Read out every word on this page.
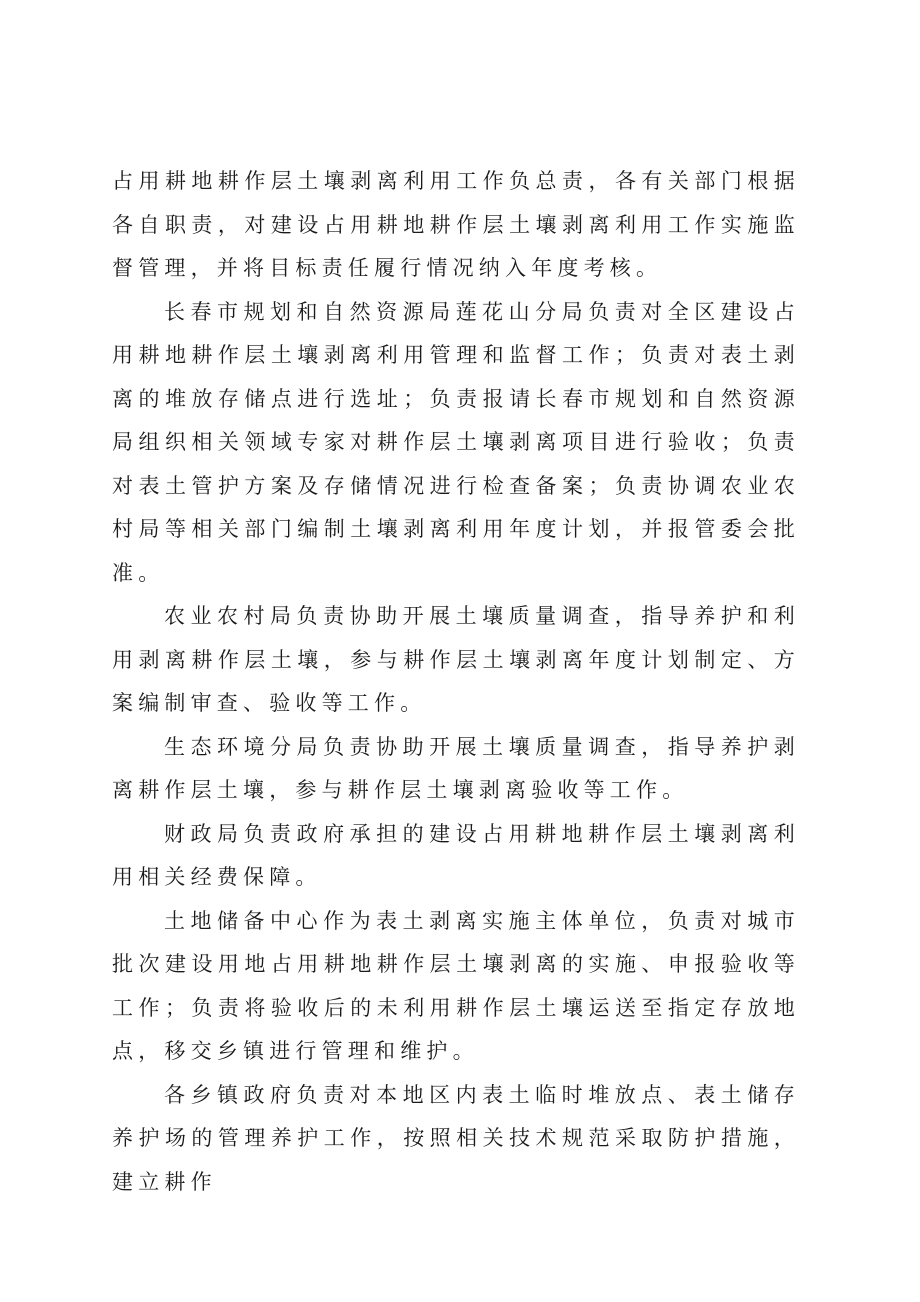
占用耕地耕作层土壤剥离利用工作负总责，各有关部门根据各自职责，对建设占用耕地耕作层土壤剥离利用工作实施监督管理，并将目标责任履行情况纳入年度考核。

长春市规划和自然资源局莲花山分局负责对全区建设占用耕地耕作层土壤剥离利用管理和监督工作；负责对表土剥离的堆放存储点进行选址；负责报请长春市规划和自然资源局组织相关领域专家对耕作层土壤剥离项目进行验收；负责对表土管护方案及存储情况进行检查备案；负责协调农业农村局等相关部门编制土壤剥离利用年度计划，并报管委会批准。

农业农村局负责协助开展土壤质量调查，指导养护和利用剥离耕作层土壤，参与耕作层土壤剥离年度计划制定、方案编制审查、验收等工作。

生态环境分局负责协助开展土壤质量调查，指导养护剥离耕作层土壤，参与耕作层土壤剥离验收等工作。

财政局负责政府承担的建设占用耕地耕作层土壤剥离利用相关经费保障。

土地储备中心作为表土剥离实施主体单位，负责对城市批次建设用地占用耕地耕作层土壤剥离的实施、申报验收等工作；负责将验收后的未利用耕作层土壤运送至指定存放地点，移交乡镇进行管理和维护。

各乡镇政府负责对本地区内表土临时堆放点、表土储存养护场的管理养护工作，按照相关技术规范采取防护措施，建立耕作
